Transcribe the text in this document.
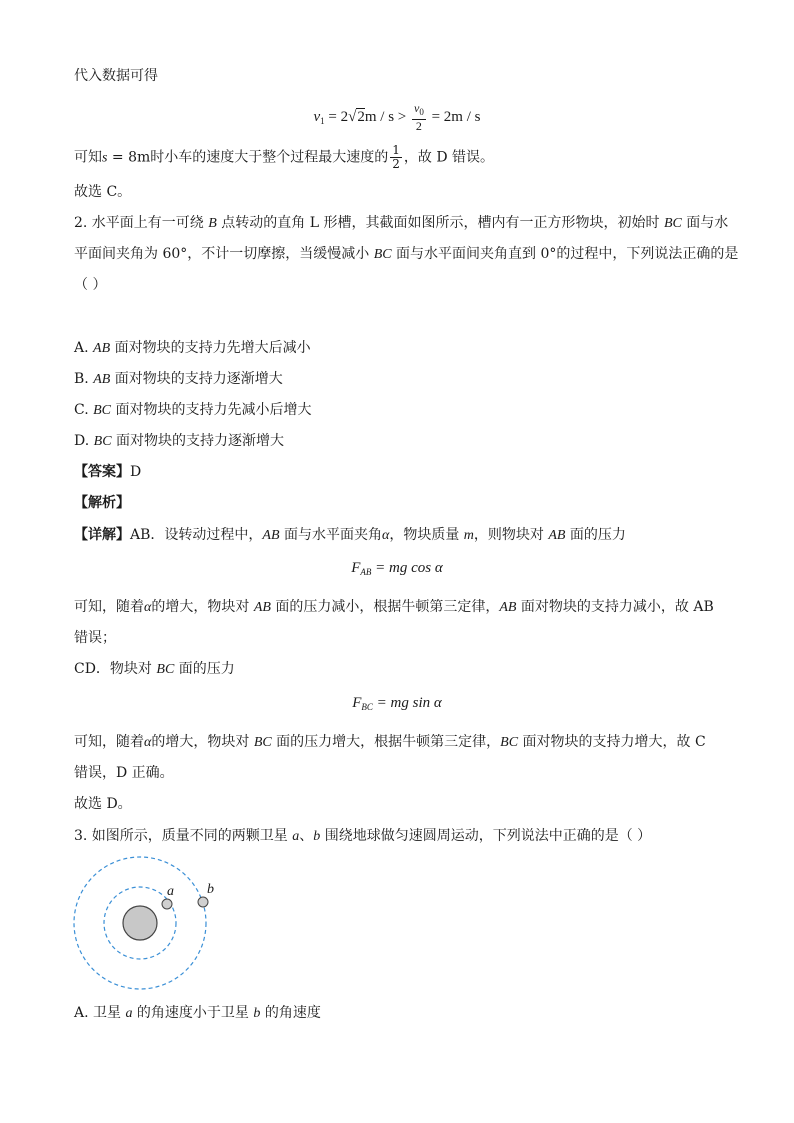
代入数据可得
$v_1 = 2√2m / s > \frac{v_0}{2} = 2m / s$
可知s = 8m时小车的速度大于整个过程最大速度的 $\frac{1}{2}$ ，故 D 错误。
故选 C。
2. 水平面上有一可绕 B 点转动的直角 L 形槽，其截面如图所示，槽内有一正方形物块，初始时 BC 面与水
平面间夹角为 60°，不计一切摩擦，当缓慢减小 BC 面与水平面间夹角直到 0°的过程中，下列说法正确的是
（ ）
A. AB 面对物块的支持力先增大后减小
B. AB 面对物块的支持力逐渐增大
C. BC 面对物块的支持力先减小后增大
D. BC 面对物块的支持力逐渐增大
【答案】D
【解析】
【详解】AB．设转动过程中，AB 面与水平面夹角α，物块质量 m，则物块对 AB 面的压力
$F_{AB}$ = mg cos α
可知，随着α的增大，物块对 AB 面的压力减小，根据牛顿第三定律，AB 面对物块的支持力减小，故 AB
错误；
CD．物块对 BC 面的压力
$F_{BC}$ = mg sin α
可知，随着α的增大，物块对 BC 面的压力增大，根据牛顿第三定律，BC 面对物块的支持力增大，故 C
错误，D 正确。
故选 D。
3. 如图所示，质量不同的两颗卫星 a、b 围绕地球做匀速圆周运动，下列说法中正确的是（ ）
a b
A. 卫星 a 的角速度小于卫星 b 的角速度
